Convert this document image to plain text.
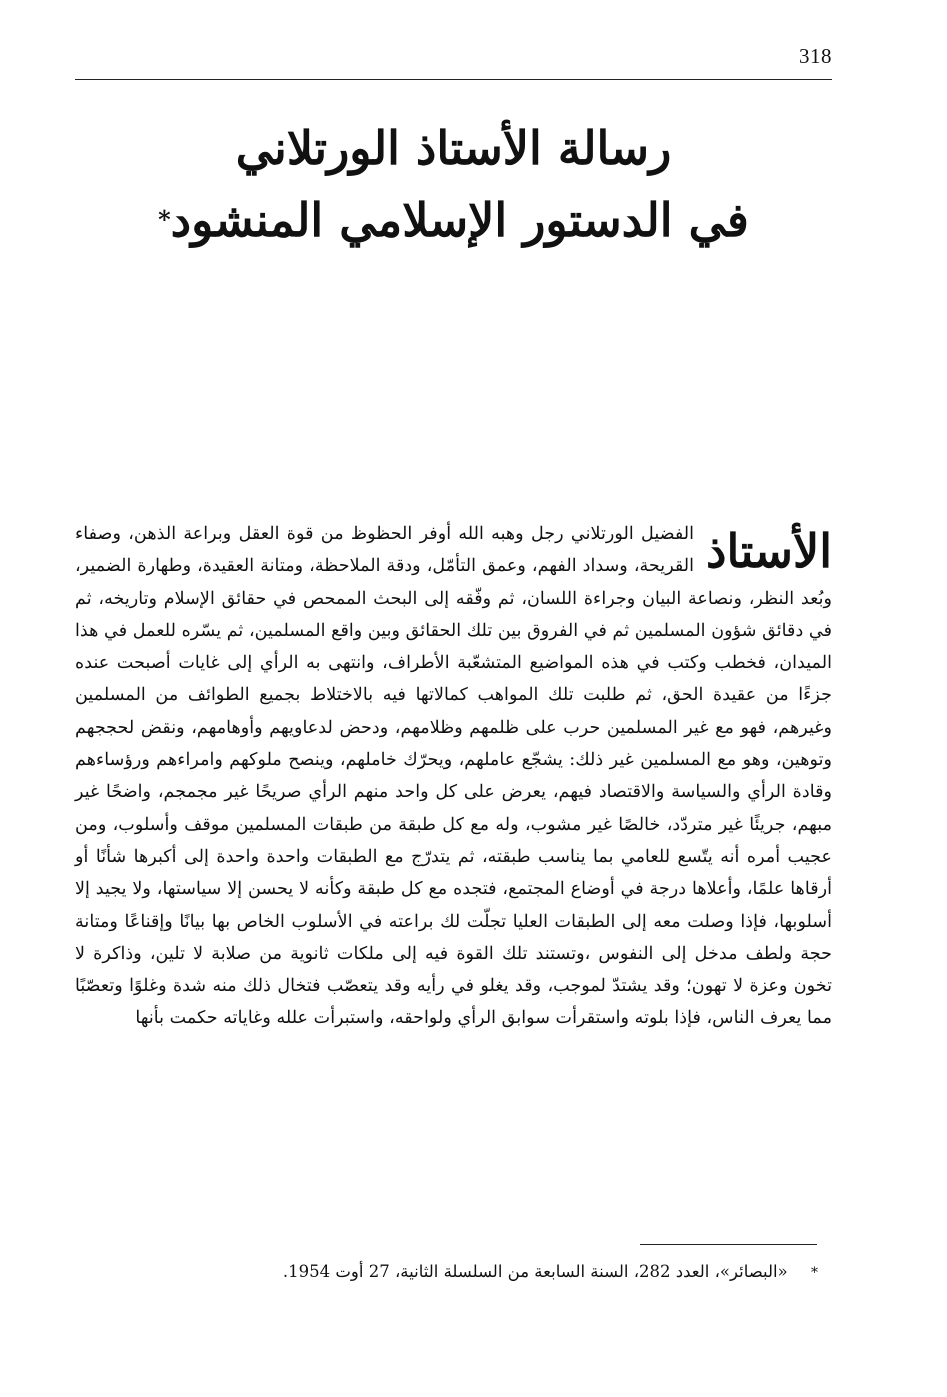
318
رسالة الأستاذ الورتلاني
في الدستور الإسلامي المنشود*
الأستاذ
الفضيل الورتلاني رجل وهبه الله أوفر الحظوظ من قوة العقل وبراعة الذهن، وصفاء القريحة، وسداد الفهم، وعمق التأمّل، ودقة الملاحظة، ومتانة العقيدة، وطهارة الضمير، وبُعد النظر، ونصاعة البيان وجراءة اللسان، ثم وفّقه إلى البحث الممحص في حقائق الإسلام وتاريخه، ثم في دقائق شؤون المسلمين ثم في الفروق بين تلك الحقائق وبين واقع المسلمين، ثم يسّره للعمل في هذا الميدان، فخطب وكتب في هذه المواضيع المتشعّبة الأطراف، وانتهى به الرأي إلى غايات أصبحت عنده جزءًا من عقيدة الحق، ثم طلبت تلك المواهب كمالاتها فيه بالاختلاط بجميع الطوائف من المسلمين وغيرهم، فهو مع غير المسلمين حرب على ظلمهم وظلامهم، ودحض لدعاويهم وأوهامهم، ونقض لحججهم وتوهين، وهو مع المسلمين غير ذلك: يشجّع عاملهم، ويحرّك خاملهم، وينصح ملوكهم وامراءهم ورؤساءهم وقادة الرأي والسياسة والاقتصاد فيهم، يعرض على كل واحد منهم الرأي صريحًا غير مجمجم، واضحًا غير مبهم، جريئًا غير متردّد، خالصًا غير مشوب، وله مع كل طبقة من طبقات المسلمين موقف وأسلوب، ومن عجيب أمره أنه يتّسع للعامي بما يناسب طبقته، ثم يتدرّج مع الطبقات واحدة واحدة إلى أكبرها شأنًا أو أرقاها علمًا، وأعلاها درجة في أوضاع المجتمع، فتجده مع كل طبقة وكأنه لا يحسن إلا سياستها، ولا يجيد إلا أسلوبها، فإذا وصلت معه إلى الطبقات العليا تجلّت لك براعته في الأسلوب الخاص بها بيانًا وإقناعًا ومتانة حجة ولطف مدخل إلى النفوس ،وتستند تلك القوة فيه إلى ملكات ثانوية من صلابة لا تلين، وذاكرة لا تخون وعزة لا تهون؛ وقد يشتدّ لموجب، وقد يغلو في رأيه وقد يتعصّب فتخال ذلك منه شدة وغلوًا وتعصّبًا مما يعرف الناس، فإذا بلوته واستقرأت سوابق الرأي ولواحقه، واستبرأت علله وغاياته حكمت بأنها
* «البصائر»، العدد 282، السنة السابعة من السلسلة الثانية، 27 أوت 1954.
